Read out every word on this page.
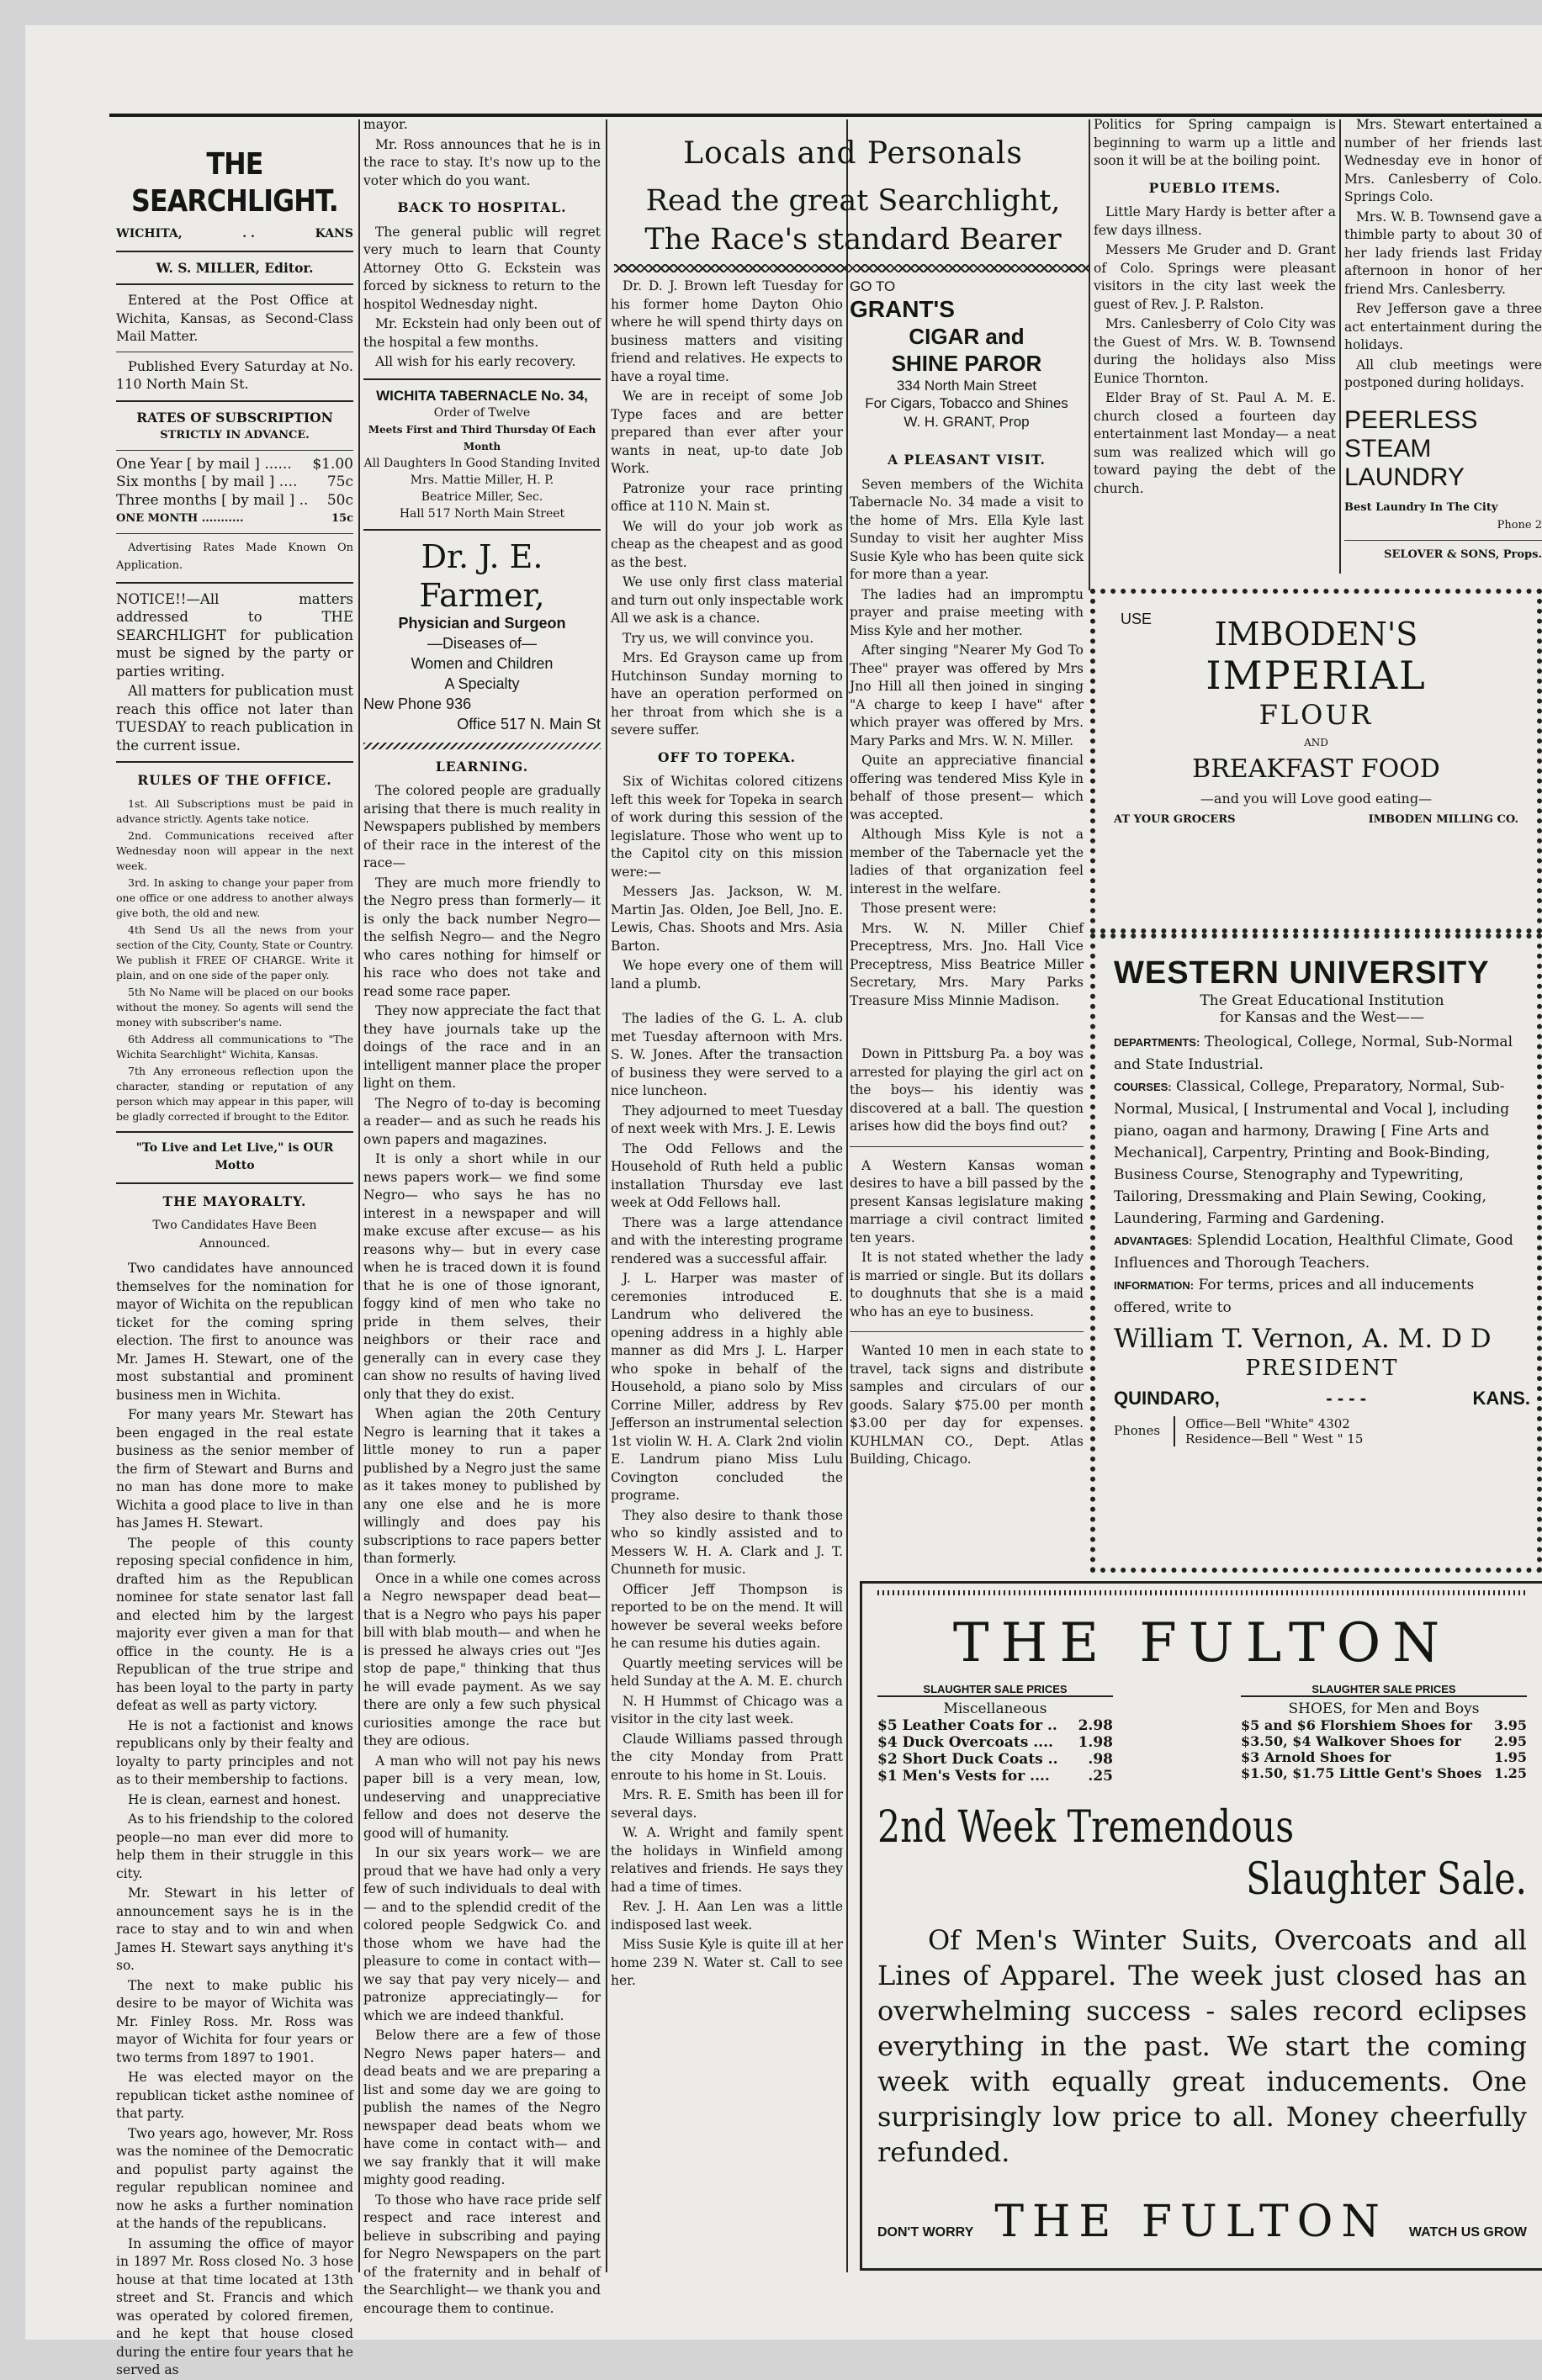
THE SEARCHLIGHT.
WICHITA,	. .	KANS
W. S. MILLER, Editor.

Entered at the Post Office at Wichita, Kansas, as Second-Class Mail Matter.

Published Every Saturday at No. 110 North Main St.

RATES OF SUBSCRIPTION
STRICTLY IN ADVANCE.
One Year [ by mail ] ...... $1.00
Six months [ by mail ] .... 75c
Three months [ by mail ] .. 50c
ONE MONTH ...........	15c

Advertising Rates Made Known On Application.

NOTICE!!—All matters addressed to THE SEARCHLIGHT for publication must be signed by the party or parties writing.

All matters for publication must reach this office not later than TUESDAY to reach publication in the current issue.

RULES OF THE OFFICE.

1st. All Subscriptions must be paid in advance strictly. Agents take notice.

2nd. Communications received after Wednesday noon will appear in the next week.

3rd. In asking to change your paper from one office or one address to another always give both, the old and new.

4th Send Us all the news from your section of the City, County, State or Country. We publish it FREE OF CHARGE. Write it plain, and on one side of the paper only.

5th No Name will be placed on our books without the money. So agents will send the money with subscriber's name.

6th Address all communications to "The Wichita Searchlight" Wichita, Kansas.

7th Any erroneous reflection upon the character, standing or reputation of any person which may appear in this paper, will be gladly corrected if brought to the Editor.

"To Live and Let Live," is OUR Motto
THE MAYORALTY.
Two Candidates Have Been Announced.

Two candidates have announced themselves for the nomination for mayor of Wichita on the republican ticket for the coming spring election. The first to anounce was Mr. James H. Stewart, one of the most substantial and prominent business men in Wichita.

For many years Mr. Stewart has been engaged in the real estate business as the senior member of the firm of Stewart and Burns and no man has done more to make Wichita a good place to live in than has James H. Stewart.

The people of this county reposing special confidence in him, drafted him as the Republican nominee for state senator last fall and elected him by the largest majority ever given a man for that office in the county. He is a Republican of the true stripe and has been loyal to the party in party defeat as well as party victory.

He is not a factionist and knows republicans only by their fealty and loyalty to party principles and not as to their membership to factions.

He is clean, earnest and honest.

As to his friendship to the colored people—no man ever did more to help them in their struggle in this city.

Mr. Stewart in his letter of announcement says he is in the race to stay and to win and when James H. Stewart says anything it's so.

The next to make public his desire to be mayor of Wichita was Mr. Finley Ross. Mr. Ross was mayor of Wichita for four years or two terms from 1897 to 1901.

He was elected mayor on the republican ticket asthe nominee of that party.

Two years ago, however, Mr. Ross was the nominee of the Democratic and populist party against the regular republican nominee and now he asks a further nomination at the hands of the republicans.

In assuming the office of mayor in 1897 Mr. Ross closed No. 3 hose house at that time located at 13th street and St. Francis and which was operated by colored firemen, and he kept that house closed during the entire four years that he served as

mayor.

Mr. Ross announces that he is in the race to stay. It's now up to the voter which do you want.

BACK TO HOSPITAL.

The general public will regret very much to learn that County Attorney Otto G. Eckstein was forced by sickness to return to the hospitol Wednesday night.

Mr. Eckstein had only been out of the hospital a few months.

All wish for his early recovery.

WICHITA TABERNACLE No. 34,
Order of Twelve
Meets First and Third Thursday Of Each Month
All Daughters In Good Standing Invited
Mrs. Mattie Miller, H. P.
Beatrice Miller, Sec.
Hall 517 North Main Street
Dr. J. E. Farmer,
Physician and Surgeon
—Diseases of—
Women and Children
A Specialty
New Phone 936
Office 517 N. Main St
LEARNING.

The colored people are gradually arising that there is much reality in Newspapers published by members of their race in the interest of the race—

They are much more friendly to the Negro press than formerly— it is only the back number Negro— the selfish Negro— and the Negro who cares nothing for himself or his race who does not take and read some race paper.

They now appreciate the fact that they have journals take up the doings of the race and in an intelligent manner place the proper light on them.

The Negro of to-day is becoming a reader— and as such he reads his own papers and magazines.

It is only a short while in our news papers work— we find some Negro— who says he has no interest in a newspaper and will make excuse after excuse— as his reasons why— but in every case when he is traced down it is found that he is one of those ignorant, foggy kind of men who take no pride in them selves, their neighbors or their race and generally can in every case they can show no results of having lived only that they do exist.

When agian the 20th Century Negro is learning that it takes a little money to run a paper published by a Negro just the same as it takes money to published by any one else and he is more willingly and does pay his subscriptions to race papers better than formerly.

Once in a while one comes across a Negro newspaper dead beat— that is a Negro who pays his paper bill with blab mouth— and when he is pressed he always cries out "Jes stop de pape," thinking that thus he will evade payment. As we say there are only a few such physical curiosities amonge the race but they are odious.

A man who will not pay his news paper bill is a very mean, low, undeserving and unappreciative fellow and does not deserve the good will of humanity.

In our six years work— we are proud that we have had only a very few of such individuals to deal with— and to the splendid credit of the colored people Sedgwick Co. and those whom we have had the pleasure to come in contact with— we say that pay very nicely— and patronize appreciatingly— for which we are indeed thankful.

Below there are a few of those Negro News paper haters— and dead beats and we are preparing a list and some day we are going to publish the names of the Negro newspaper dead beats whom we have come in contact with— and we say frankly that it will make mighty good reading.

To those who have race pride self respect and race interest and believe in subscribing and paying for Negro Newspapers on the part of the fraternity and in behalf of the Searchlight— we thank you and encourage them to continue.

Locals and Personals
Read the great Searchlight,
The Race's standard Bearer

Dr. D. J. Brown left Tuesday for his former home Dayton Ohio where he will spend thirty days on business matters and visiting friend and relatives. He expects to have a royal time.

We are in receipt of some Job Type faces and are better prepared than ever after your wants in neat, up-to date Job Work.

Patronize your race printing office at 110 N. Main st.

We will do your job work as cheap as the cheapest and as good as the best.

We use only first class material and turn out only inspectable work All we ask is a chance.

Try us, we will convince you.

Mrs. Ed Grayson came up from Hutchinson Sunday morning to have an operation performed on her throat from which she is a severe suffer.

OFF TO TOPEKA.

Six of Wichitas colored citizens left this week for Topeka in search of work during this session of the legislature. Those who went up to the Capitol city on this mission were:—

Messers Jas. Jackson, W. M. Martin Jas. Olden, Joe Bell, Jno. E. Lewis, Chas. Shoots and Mrs. Asia Barton.

We hope every one of them will land a plumb.

The ladies of the G. L. A. club met Tuesday afternoon with Mrs. S. W. Jones. After the transaction of business they were served to a nice luncheon.

They adjourned to meet Tuesday of next week with Mrs. J. E. Lewis

The Odd Fellows and the Household of Ruth held a public installation Thursday eve last week at Odd Fellows hall.

There was a large attendance and with the interesting programe rendered was a successful affair.

J. L. Harper was master of ceremonies introduced E. Landrum who delivered the opening address in a highly able manner as did Mrs J. L. Harper who spoke in behalf of the Household, a piano solo by Miss Corrine Miller, address by Rev Jefferson an instrumental selection 1st violin W. H. A. Clark 2nd violin E. Landrum piano Miss Lulu Covington concluded the programe.

They also desire to thank those who so kindly assisted and to Messers W. H. A. Clark and J. T. Chunneth for music.

Officer Jeff Thompson is reported to be on the mend. It will however be several weeks before he can resume his duties again.

Quartly meeting services will be held Sunday at the A. M. E. church

N. H Hummst of Chicago was a visitor in the city last week.

Claude Williams passed through the city Monday from Pratt enroute to his home in St. Louis.

Mrs. R. E. Smith has been ill for several days.

W. A. Wright and family spent the holidays in Winfield among relatives and friends. He says they had a time of times.

Rev. J. H. Aan Len was a little indisposed last week.

Miss Susie Kyle is quite ill at her home 239 N. Water st. Call to see her.

GO TO
GRANT'S
CIGAR and
SHINE PAROR
334 North Main Street
For Cigars, Tobacco and Shines
W. H. GRANT, Prop
A PLEASANT VISIT.

Seven members of the Wichita Tabernacle No. 34 made a visit to the home of Mrs. Ella Kyle last Sunday to visit her aughter Miss Susie Kyle who has been quite sick for more than a year.

The ladies had an impromptu prayer and praise meeting with Miss Kyle and her mother.

After singing "Nearer My God To Thee" prayer was offered by Mrs Jno Hill all then joined in singing "A charge to keep I have" after which prayer was offered by Mrs. Mary Parks and Mrs. W. N. Miller.

Quite an appreciative financial offering was tendered Miss Kyle in behalf of those present— which was accepted.

Although Miss Kyle is not a member of the Tabernacle yet the ladies of that organization feel interest in the welfare.

Those present were:

Mrs. W. N. Miller Chief Preceptress, Mrs. Jno. Hall Vice Preceptress, Miss Beatrice Miller Secretary, Mrs. Mary Parks Treasure Miss Minnie Madison.

Down in Pittsburg Pa. a boy was arrested for playing the girl act on the boys— his identiy was discovered at a ball. The question arises how did the boys find out?

A Western Kansas woman desires to have a bill passed by the present Kansas legislature making marriage a civil contract limited ten years.

It is not stated whether the lady is married or single. But its dollars to doughnuts that she is a maid who has an eye to business.

Wanted 10 men in each state to travel, tack signs and distribute samples and circulars of our goods. Salary $75.00 per month $3.00 per day for expenses. KUHLMAN CO., Dept. Atlas Building, Chicago.

Politics for Spring campaign is beginning to warm up a little and soon it will be at the boiling point.

PUEBLO ITEMS.

Little Mary Hardy is better after a few days illness.

Messers Me Gruder and D. Grant of Colo. Springs were pleasant visitors in the city last week the guest of Rev. J. P. Ralston.

Mrs. Canlesberry of Colo City was the Guest of Mrs. W. B. Townsend during the holidays also Miss Eunice Thornton.

Elder Bray of St. Paul A. M. E. church closed a fourteen day entertainment last Monday— a neat sum was realized which will go toward paying the debt of the church.

Mrs. Stewart entertained a number of her friends last Wednesday eve in honor of Mrs. Canlesberry of Colo. Springs Colo.

Mrs. W. B. Townsend gave a thimble party to about 30 of her lady friends last Friday afternoon in honor of her friend Mrs. Canlesberry.

Rev Jefferson gave a three act entertainment during the holidays.

All club meetings were postponed during holidays.

PEERLESS
STEAM
LAUNDRY
Best Laundry In The City
Phone 2
SELOVER & SONS, Props.
USE	IMBODEN'S
IMPERIAL
FLOUR
AND
BREAKFAST FOOD
—and you will Love good eating—
AT YOUR GROCERS	IMBODEN MILLING CO.
WESTERN UNIVERSITY
The Great Educational Institution
for Kansas and the West——
DEPARTMENTS: Theological, College, Normal, Sub-Normal and State Industrial.
COURSES: Classical, College, Preparatory, Normal, Sub-Normal, Musical, [ Instrumental and Vocal ], including piano, oagan and harmony, Drawing [ Fine Arts and Mechanical], Carpentry, Printing and Book-Binding, Business Course, Stenography and Typewriting, Tailoring, Dressmaking and Plain Sewing, Cooking, Laundering, Farming and Gardening.
ADVANTAGES: Splendid Location, Healthful Climate, Good Influences and Thorough Teachers.
INFORMATION: For terms, prices and all inducements offered, write to
William T. Vernon, A. M. D D
PRESIDENT
QUINDARO,	- - - -	KANS.
Phones Office—Bell "White" 4302
Residence—Bell " West " 15
THE FULTON
SLAUGHTER SALE PRICES
Miscellaneous
$5 Leather Coats for .. 2.98
$4 Duck Overcoats .... 1.98
$2 Short Duck Coats .. .98
$1 Men's Vests for ....	.25
SLAUGHTER SALE PRICES
SHOES, for Men and Boys
$5 and $6 Florshiem Shoes for 3.95
$3.50, $4 Walkover Shoes for 2.95
$3 Arnold Shoes for	1.95
$1.50, $1.75 Little Gent's Shoes 1.25
2nd Week Tremendous
Slaughter Sale.

Of Men's Winter Suits, Overcoats and all Lines of Apparel. The week just closed has an overwhelming success - sales record eclipses everything in the past. We start the coming week with equally great inducements. One surprisingly low price to all. Money cheerfully refunded.

DON'T WORRY THE FULTON WATCH US GROW
